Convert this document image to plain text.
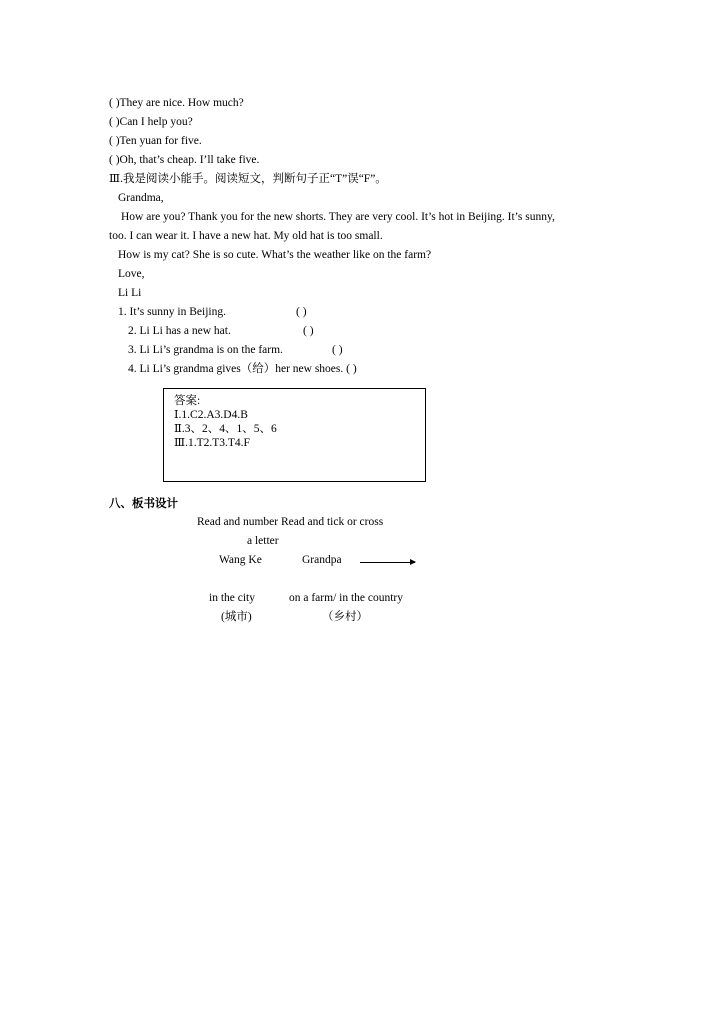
( )They are nice. How much?
( )Can I help you?
( )Ten yuan for five.
( )Oh, that’s cheap. I’ll take five.
Ⅲ.我是阅读小能手。阅读短文，判断句子正“T”误“F”。
Grandma,
How are you? Thank you for the new shorts. They are very cool. It’s hot in Beijing. It’s sunny,
too. I can wear it. I have a new hat. My old hat is too small.
How is my cat? She is so cute. What’s the weather like on the farm?
Love,
Li Li
1. It’s sunny in Beijing.	( )
2. Li Li has a new hat.	( )
3. Li Li’s grandma is on the farm.	( )
4. Li Li’s grandma gives（给）her new shoes. ( )
答案:
Ⅰ.1.C2.A3.D4.B
Ⅱ.3、2、4、1、5、6
Ⅲ.1.T2.T3.T4.F
八、板书设计
Read and number Read and tick or cross
a letter
Wang Ke	Grandpa
in the city	on a farm/ in the country
(城市)	（乡村）
